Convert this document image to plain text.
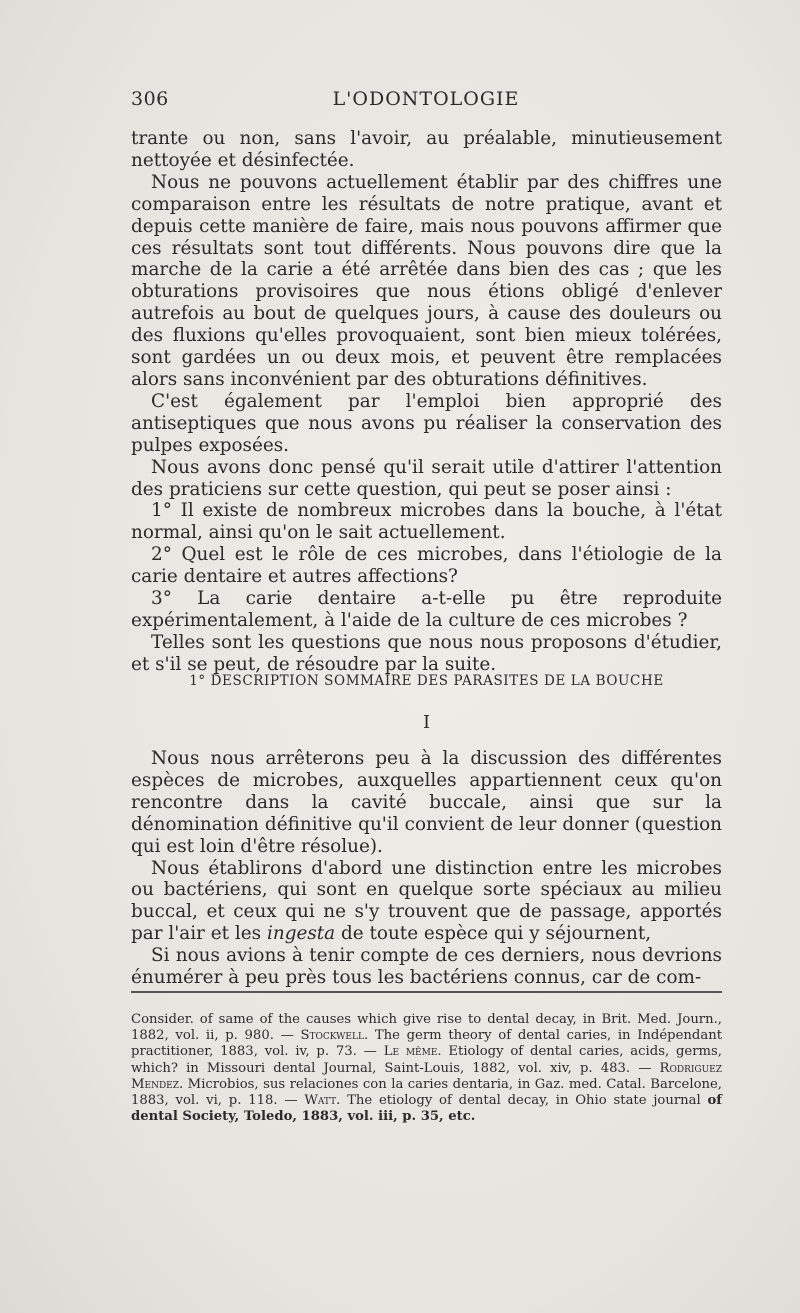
306	L'ODONTOLOGIE

trante ou non, sans l'avoir, au préalable, minutieusement nettoyée et désinfectée.

Nous ne pouvons actuellement établir par des chiffres une comparaison entre les résultats de notre pratique, avant et depuis cette manière de faire, mais nous pouvons affirmer que ces résultats sont tout différents. Nous pouvons dire que la marche de la carie a été arrêtée dans bien des cas ; que les obturations provisoires que nous étions obligé d'enlever autrefois au bout de quelques jours, à cause des douleurs ou des fluxions qu'elles provoquaient, sont bien mieux tolérées, sont gardées un ou deux mois, et peuvent être remplacées alors sans inconvénient par des obturations définitives.

C'est également par l'emploi bien approprié des antiseptiques que nous avons pu réaliser la conservation des pulpes exposées.

Nous avons donc pensé qu'il serait utile d'attirer l'attention des praticiens sur cette question, qui peut se poser ainsi :

1° Il existe de nombreux microbes dans la bouche, à l'état normal, ainsi qu'on le sait actuellement.

2° Quel est le rôle de ces microbes, dans l'étiologie de la carie dentaire et autres affections?

3° La carie dentaire a-t-elle pu être reproduite expérimentalement, à l'aide de la culture de ces microbes ?

Telles sont les questions que nous nous proposons d'étudier, et s'il se peut, de résoudre par la suite.

1° DESCRIPTION SOMMAIRE DES PARASITES DE LA BOUCHE
I

Nous nous arrêterons peu à la discussion des différentes espèces de microbes, auxquelles appartiennent ceux qu'on rencontre dans la cavité buccale, ainsi que sur la dénomination définitive qu'il convient de leur donner (question qui est loin d'être résolue).

Nous établirons d'abord une distinction entre les microbes ou bactériens, qui sont en quelque sorte spéciaux au milieu buccal, et ceux qui ne s'y trouvent que de passage, apportés par l'air et les ingesta de toute espèce qui y séjournent,

Si nous avions à tenir compte de ces derniers, nous devrions énumérer à peu près tous les bactériens connus, car de com-

Consider. of same of the causes which give rise to dental decay, in Brit. Med. Journ., 1882, vol. ii, p. 980. — Stockwell. The germ theory of dental caries, in Indépendant practitioner, 1883, vol. iv, p. 73. — Le même. Etiology of dental caries, acids, germs, which? in Missouri dental Journal, Saint-Louis, 1882, vol. xiv, p. 483. — Rodriguez Mendez. Microbios, sus relaciones con la caries dentaria, in Gaz. med. Catal. Barcelone, 1883, vol. vi, p. 118. — Watt. The etiology of dental decay, in Ohio state journal of dental Society, Toledo, 1883, vol. iii, p. 35, etc.
